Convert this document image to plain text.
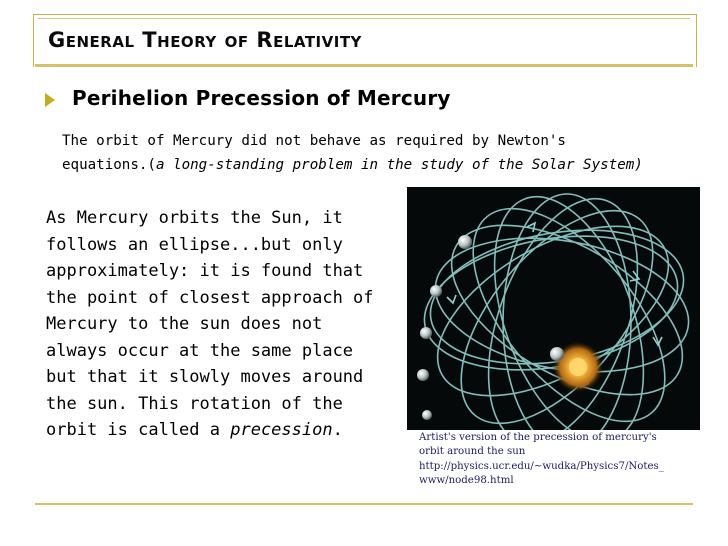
General Theory of Relativity
Perihelion Precession of Mercury
The orbit of Mercury did not behave as required by Newton's
equations.(a long-standing problem in the study of the Solar System)
As Mercury orbits the Sun, it
follows an ellipse...but only
approximately: it is found that
the point of closest approach of
Mercury to the sun does not
always occur at the same place
but that it slowly moves around
the sun. This rotation of the
orbit is called a precession.	Artist's version of the precession of mercury's
orbit around the sun
http://physics.ucr.edu/~wudka/Physics7/Notes_
www/node98.html
